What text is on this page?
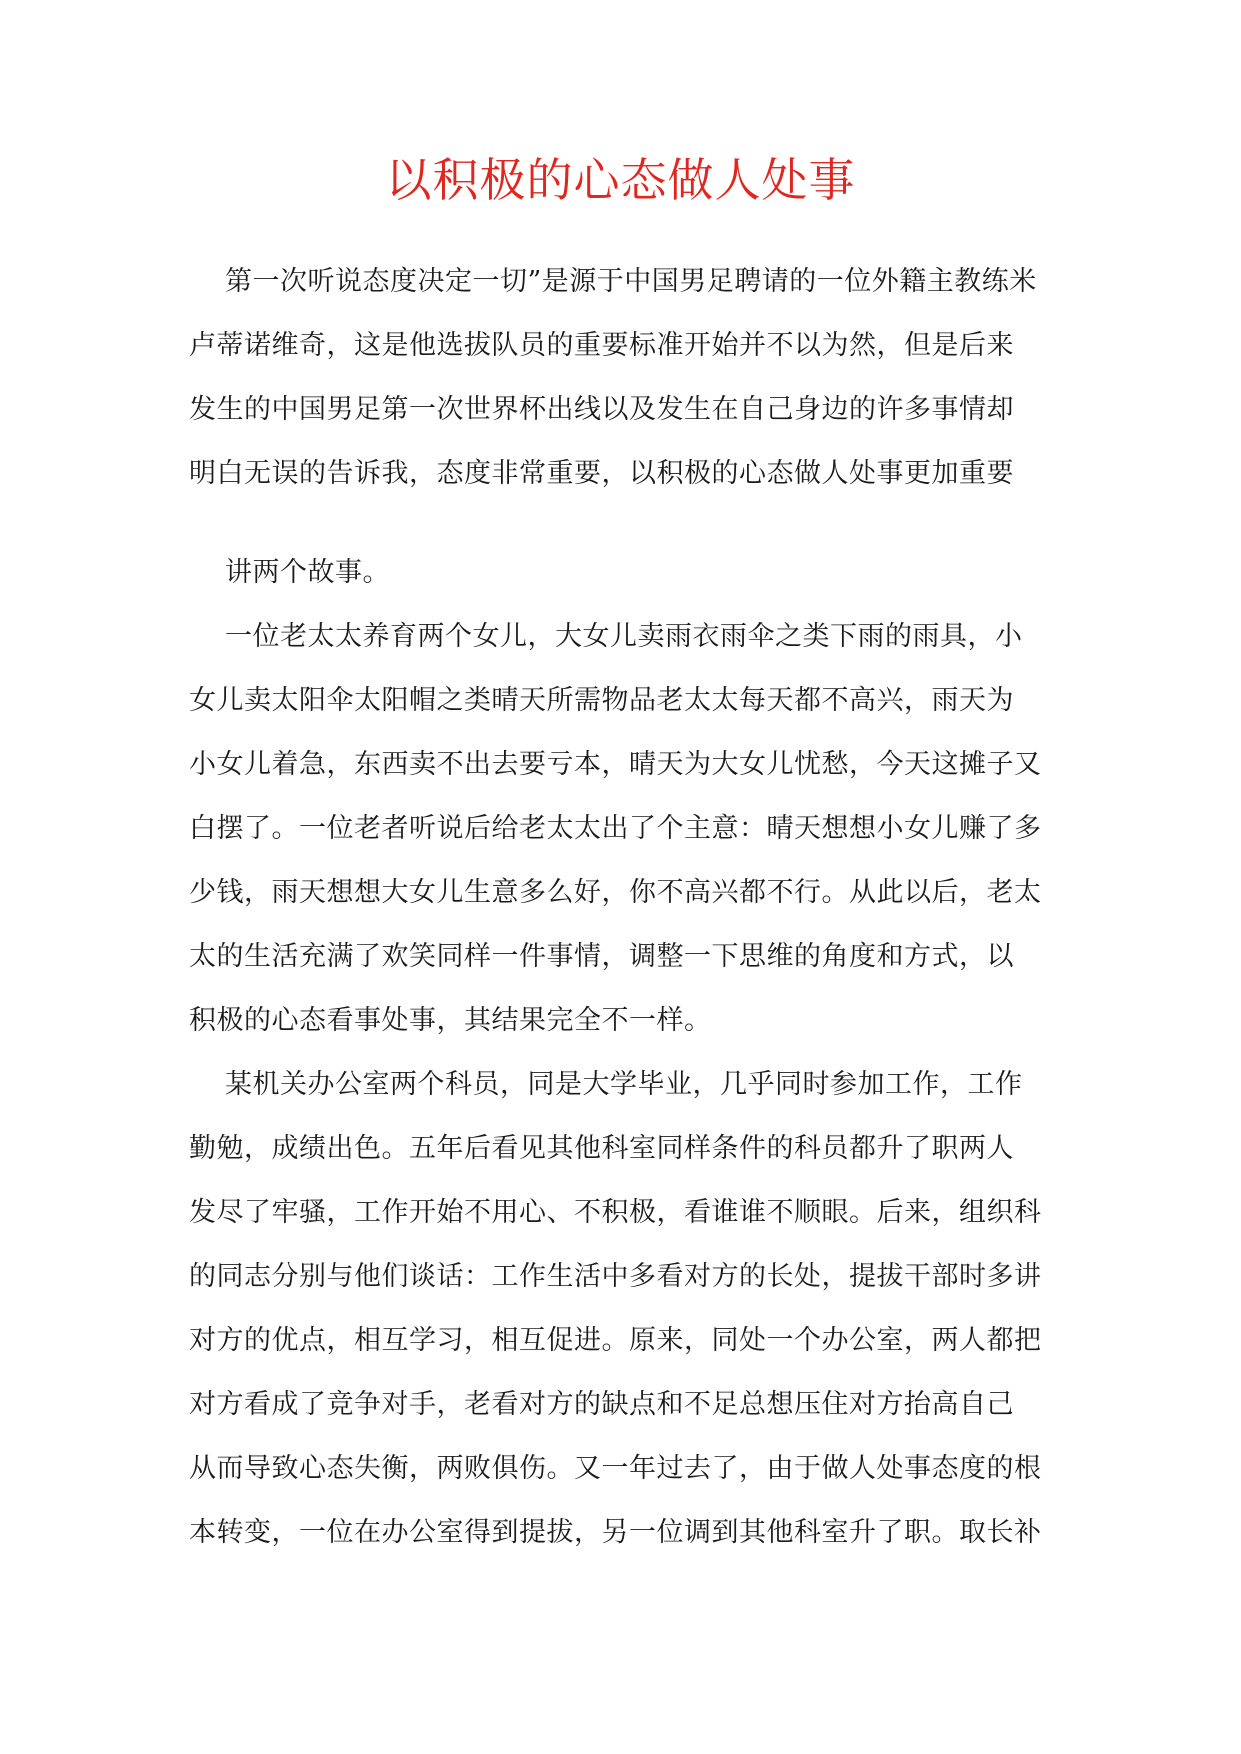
以积极的心态做人处事
第一次听说态度决定一切”是源于中国男足聘请的一位外籍主教练米
卢蒂诺维奇，这是他选拔队员的重要标准开始并不以为然，但是后来
发生的中国男足第一次世界杯出线以及发生在自己身边的许多事情却
明白无误的告诉我，态度非常重要，以积极的心态做人处事更加重要
讲两个故事。
一位老太太养育两个女儿，大女儿卖雨衣雨伞之类下雨的雨具，小
女儿卖太阳伞太阳帽之类晴天所需物品老太太每天都不高兴，雨天为
小女儿着急，东西卖不出去要亏本，晴天为大女儿忧愁，今天这摊子又
白摆了。一位老者听说后给老太太出了个主意：晴天想想小女儿赚了多
少钱，雨天想想大女儿生意多么好，你不高兴都不行。从此以后，老太
太的生活充满了欢笑同样一件事情，调整一下思维的角度和方式，以
积极的心态看事处事，其结果完全不一样。
某机关办公室两个科员，同是大学毕业，几乎同时参加工作，工作
勤勉，成绩出色。五年后看见其他科室同样条件的科员都升了职两人
发尽了牢骚，工作开始不用心、不积极，看谁谁不顺眼。后来，组织科
的同志分别与他们谈话：工作生活中多看对方的长处，提拔干部时多讲
对方的优点，相互学习，相互促进。原来，同处一个办公室，两人都把
对方看成了竞争对手，老看对方的缺点和不足总想压住对方抬高自己
从而导致心态失衡，两败俱伤。又一年过去了，由于做人处事态度的根
本转变，一位在办公室得到提拔，另一位调到其他科室升了职。取长补
